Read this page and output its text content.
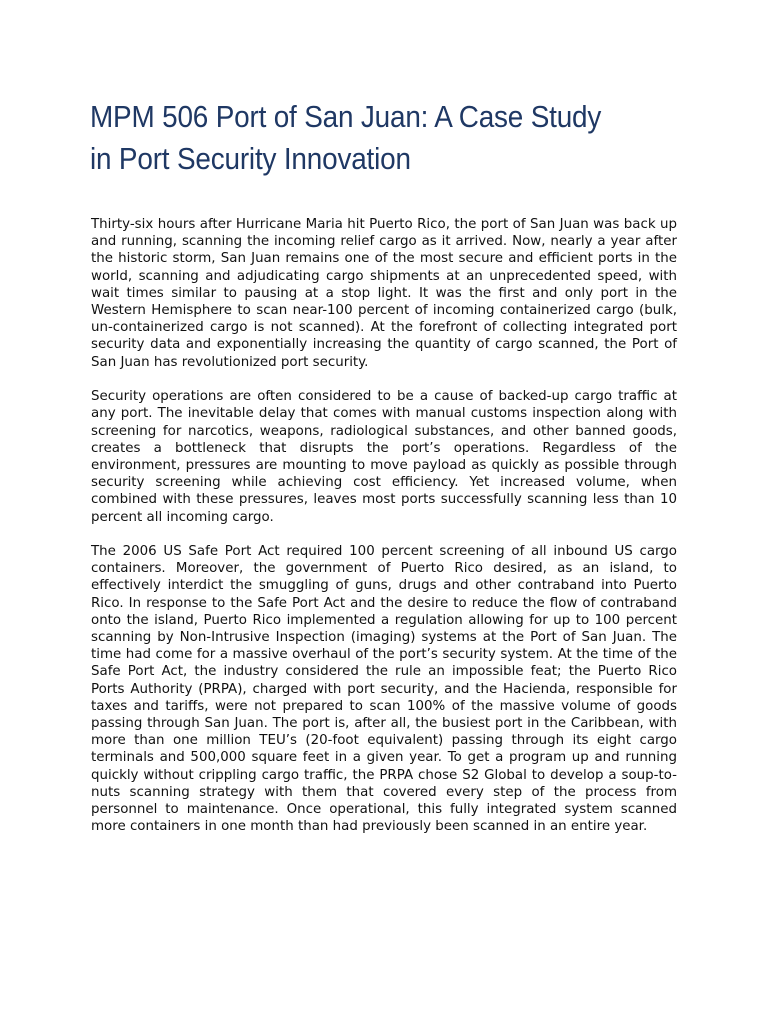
MPM 506 Port of San Juan: A Case Study in Port Security Innovation

Thirty-six hours after Hurricane Maria hit Puerto Rico, the port of San Juan was back up and running, scanning the incoming relief cargo as it arrived. Now, nearly a year after the historic storm, San Juan remains one of the most secure and efficient ports in the world, scanning and adjudicating cargo shipments at an unprecedented speed, with wait times similar to pausing at a stop light. It was the first and only port in the Western Hemisphere to scan near-100 percent of incoming containerized cargo (bulk, un-containerized cargo is not scanned). At the forefront of collecting integrated port security data and exponentially increasing the quantity of cargo scanned, the Port of San Juan has revolutionized port security.

Security operations are often considered to be a cause of backed-up cargo traffic at any port. The inevitable delay that comes with manual customs inspection along with screening for narcotics, weapons, radiological substances, and other banned goods, creates a bottleneck that disrupts the port’s operations. Regardless of the environment, pressures are mounting to move payload as quickly as possible through security screening while achieving cost efficiency. Yet increased volume, when combined with these pressures, leaves most ports successfully scanning less than 10 percent all incoming cargo.

The 2006 US Safe Port Act required 100 percent screening of all inbound US cargo containers. Moreover, the government of Puerto Rico desired, as an island, to effectively interdict the smuggling of guns, drugs and other contraband into Puerto Rico. In response to the Safe Port Act and the desire to reduce the flow of contraband onto the island, Puerto Rico implemented a regulation allowing for up to 100 percent scanning by Non-Intrusive Inspection (imaging) systems at the Port of San Juan. The time had come for a massive overhaul of the port’s security system. At the time of the Safe Port Act, the industry considered the rule an impossible feat; the Puerto Rico Ports Authority (PRPA), charged with port security, and the Hacienda, responsible for taxes and tariffs, were not prepared to scan 100% of the massive volume of goods passing through San Juan. The port is, after all, the busiest port in the Caribbean, with more than one million TEU’s (20-foot equivalent) passing through its eight cargo terminals and 500,000 square feet in a given year. To get a program up and running quickly without crippling cargo traffic, the PRPA chose S2 Global to develop a soup-to-nuts scanning strategy with them that covered every step of the process from personnel to maintenance. Once operational, this fully integrated system scanned more containers in one month than had previously been scanned in an entire year.
